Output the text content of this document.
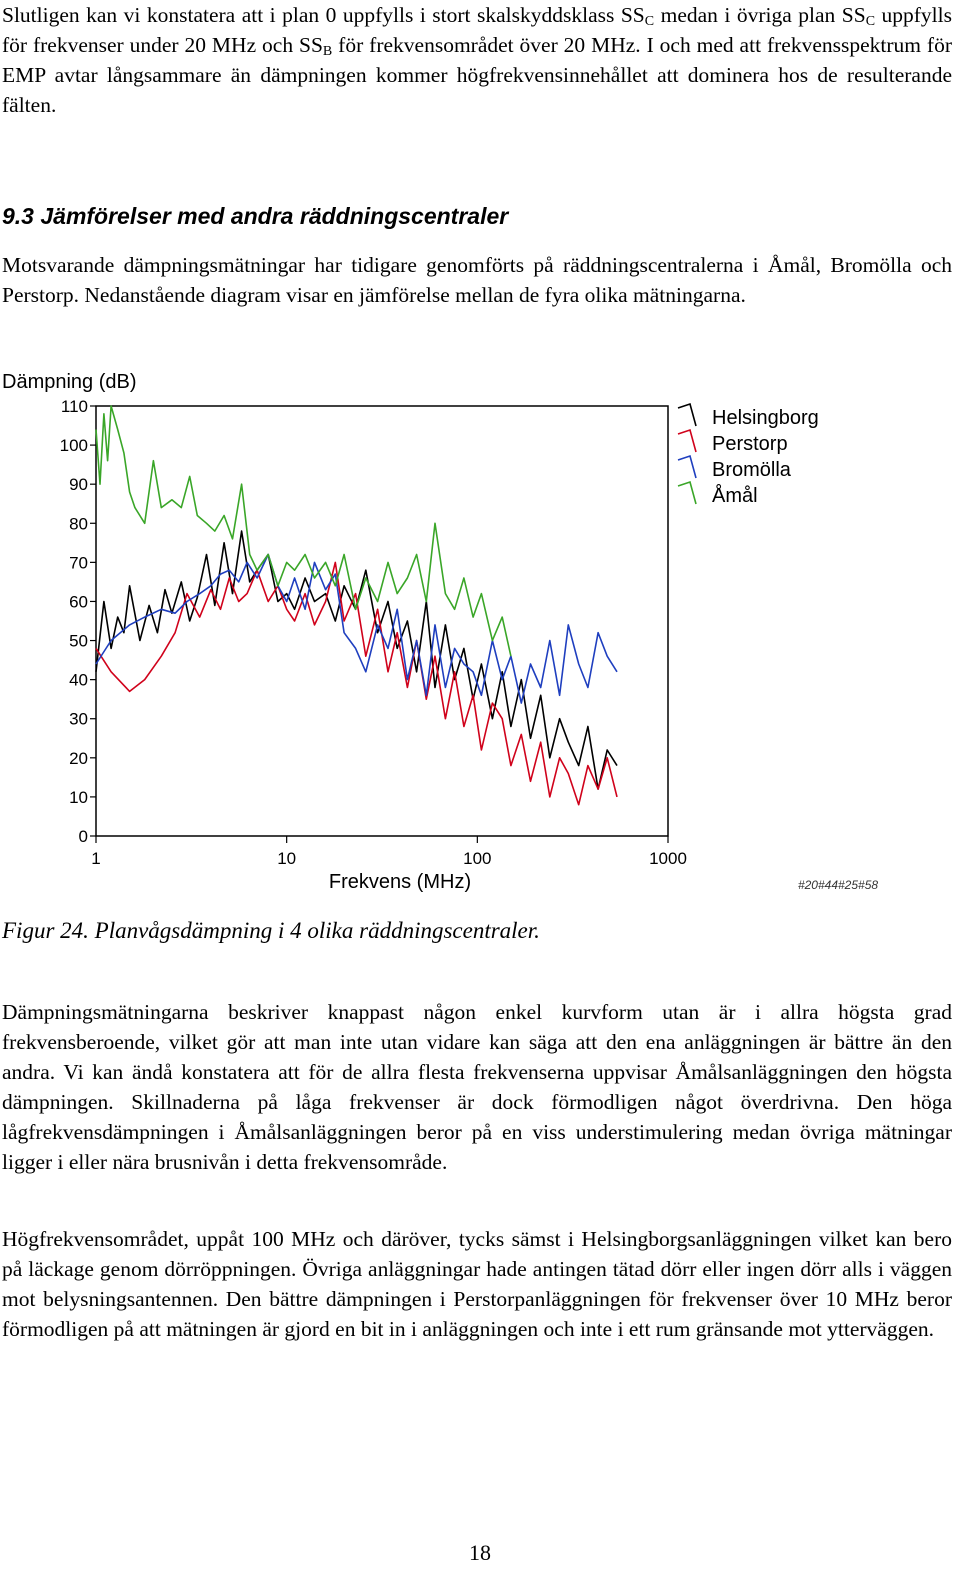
Slutligen kan vi konstatera att i plan 0 uppfylls i stort skalskyddsklass $SS_C$ medan i övriga plan $SS_C$ uppfylls för frekvenser under 20 MHz och $SS_B$ för frekvensområdet över 20 MHz. I och med att frekvensspektrum för EMP avtar långsammare än dämpningen kommer högfrekvensinnehållet att dominera hos de resulterande fälten.

9.3 Jämförelser med andra räddningscentraler

Motsvarande dämpningsmätningar har tidigare genomförts på räddningscentralerna i Åmål, Bromölla och Perstorp. Nedanstående diagram visar en jämförelse mellan de fyra olika mätningarna.

Dämpning (dB)
0
10
20
30
40
50
60
70
80
90
100
110
1	10	100	1000
Frekvens (MHz)
Helsingborg
Perstorp
Bromölla
Åmål
#20#44#25#58
Figur 24. Planvågsdämpning i 4 olika räddningscentraler.

Dämpningsmätningarna beskriver knappast någon enkel kurvform utan är i allra högsta grad frekvensberoende, vilket gör att man inte utan vidare kan säga att den ena anläggningen är bättre än den andra. Vi kan ändå konstatera att för de allra flesta frekvenserna uppvisar Åmålsanläggningen den högsta dämpningen. Skillnaderna på låga frekvenser är dock förmodligen något överdrivna. Den höga lågfrekvensdämpningen i Åmålsanläggningen beror på en viss understimulering medan övriga mätningar ligger i eller nära brusnivån i detta frekvensområde.

Högfrekvensområdet, uppåt 100 MHz och däröver, tycks sämst i Helsingborgsanläggningen vilket kan bero på läckage genom dörröppningen. Övriga anläggningar hade antingen tätad dörr eller ingen dörr alls i väggen mot belysningsantennen. Den bättre dämpningen i Perstorpanläggningen för frekvenser över 10 MHz beror förmodligen på att mätningen är gjord en bit in i anläggningen och inte i ett rum gränsande mot ytterväggen.

18
